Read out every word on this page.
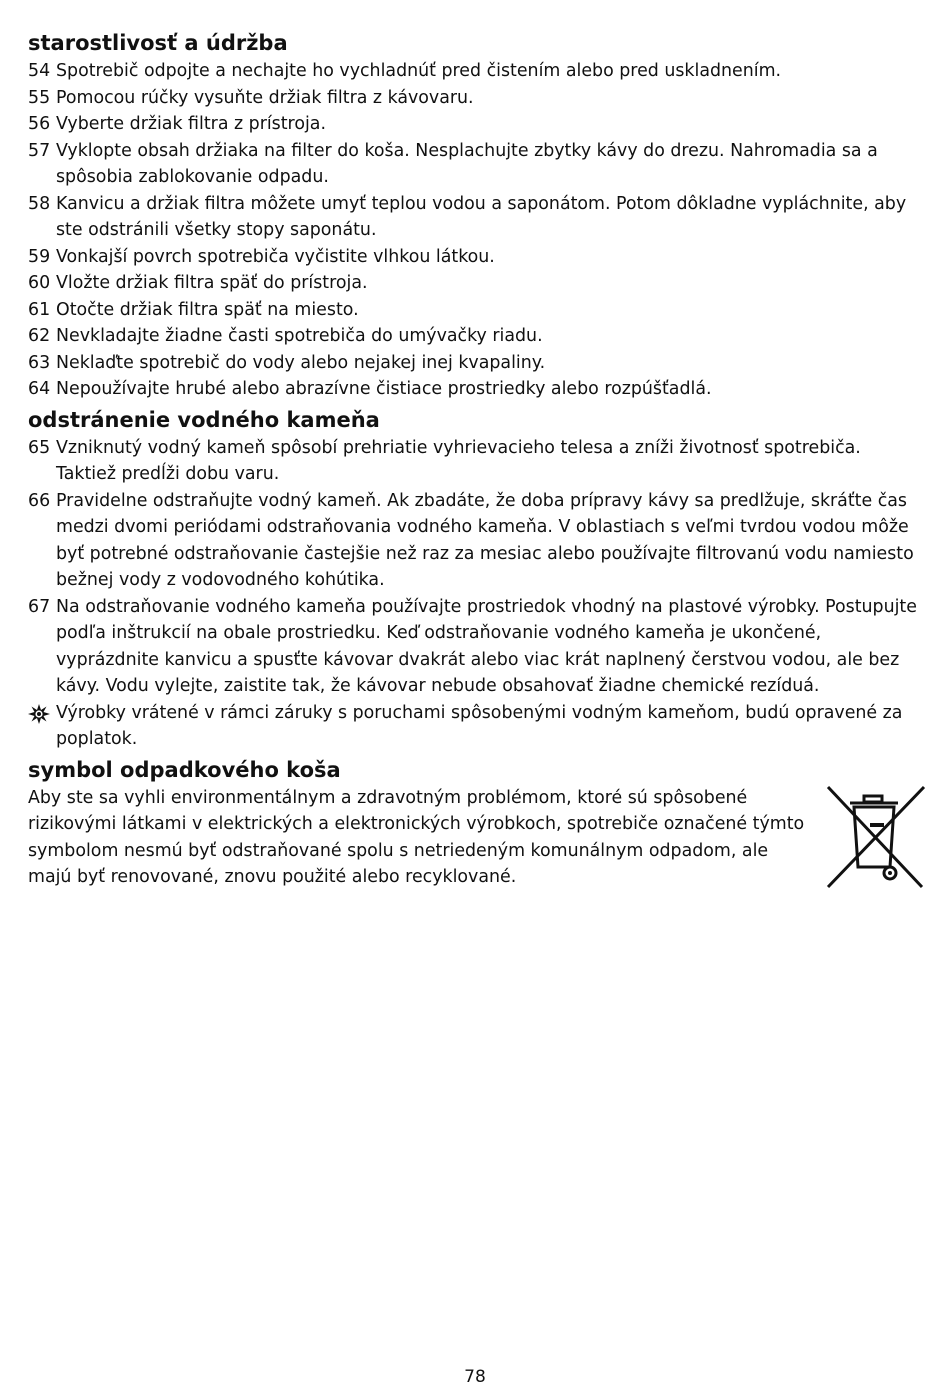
starostlivosť a údržba
54 Spotrebič odpojte a nechajte ho vychladnúť pred čistením alebo pred uskladnením.
55 Pomocou rúčky vysuňte držiak filtra z kávovaru.
56 Vyberte držiak filtra z prístroja.
57 Vyklopte obsah držiaka na filter do koša. Nesplachujte zbytky kávy do drezu. Nahromadia sa a spôsobia zablokovanie odpadu.
58 Kanvicu a držiak filtra môžete umyť teplou vodou a saponátom. Potom dôkladne vypláchnite, aby ste odstránili všetky stopy saponátu.
59 Vonkajší povrch spotrebiča vyčistite vlhkou látkou.
60 Vložte držiak filtra späť do prístroja.
61 Otočte držiak filtra späť na miesto.
62 Nevkladajte žiadne časti spotrebiča do umývačky riadu.
63 Neklaďte spotrebič do vody alebo nejakej inej kvapaliny.
64 Nepoužívajte hrubé alebo abrazívne čistiace prostriedky alebo rozpúšťadlá.
odstránenie vodného kameňa
65 Vzniknutý vodný kameň spôsobí prehriatie vyhrievacieho telesa a zníži životnosť spotrebiča. Taktiež predĺži dobu varu.
66 Pravidelne odstraňujte vodný kameň. Ak zbadáte, že doba prípravy kávy sa predlžuje, skráťte čas medzi dvomi periódami odstraňovania vodného kameňa. V oblastiach s veľmi tvrdou vodou môže byť potrebné odstraňovanie častejšie než raz za mesiac alebo používajte filtrovanú vodu namiesto bežnej vody z vodovodného kohútika.
67 Na odstraňovanie vodného kameňa používajte prostriedok vhodný na plastové výrobky. Postupujte podľa inštrukcií na obale prostriedku. Keď odstraňovanie vodného kameňa je ukončené, vyprázdnite kanvicu a spusťte kávovar dvakrát alebo viac krát naplnený čerstvou vodou, ale bez kávy. Vodu vylejte, zaistite tak, že kávovar nebude obsahovať žiadne chemické rezíduá.
Výrobky vrátené v rámci záruky s poruchami spôsobenými vodným kameňom, budú opravené za poplatok.
symbol odpadkového koša
Aby ste sa vyhli environmentálnym a zdravotným problémom, ktoré sú spôsobené rizikovými látkami v elektrických a elektronických výrobkoch, spotrebiče označené týmto symbolom nesmú byť odstraňované spolu s netriedeným komunálnym odpadom, ale majú byť renovované, znovu použité alebo recyklované.
78
